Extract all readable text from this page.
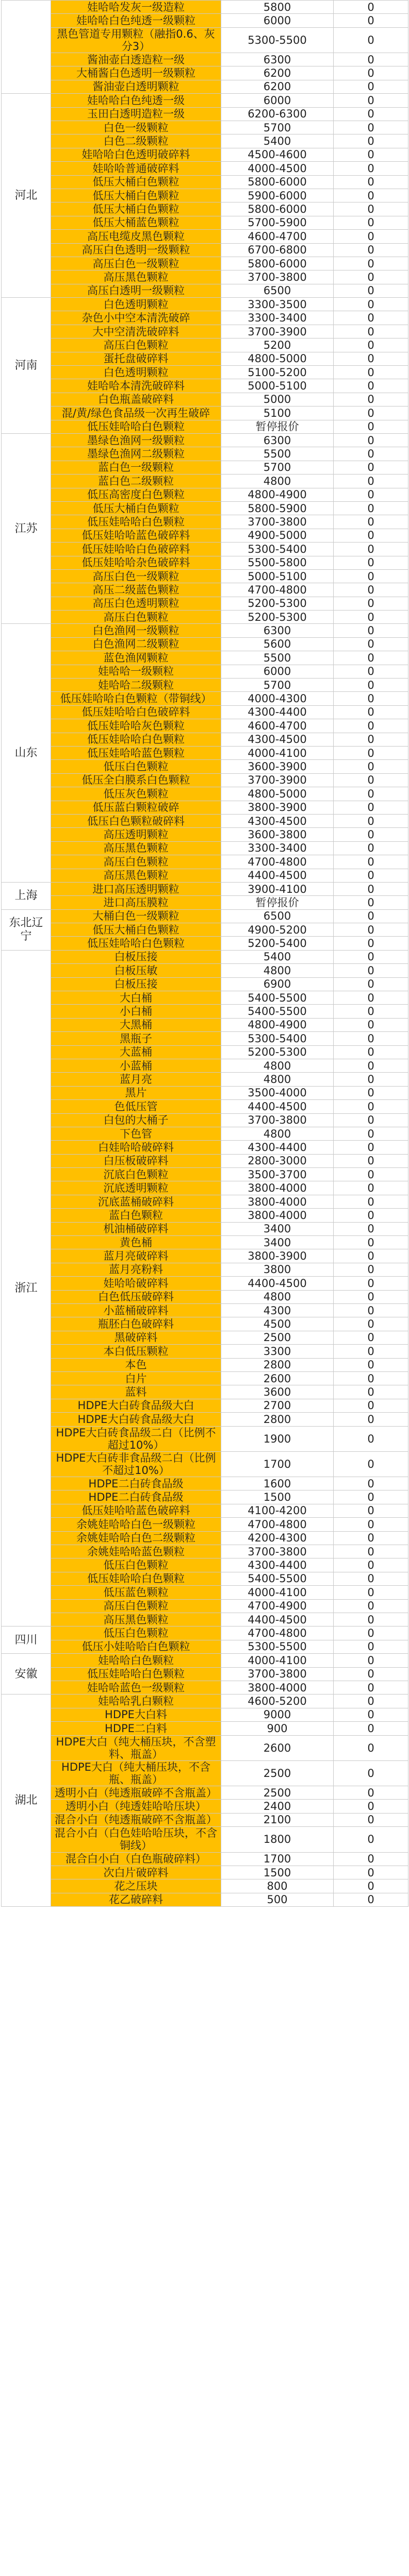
	娃哈哈发灰一级造粒	5800	0
	娃哈哈白色纯透一级颗粒	6000	0
	黑色管道专用颗粒（融指0.6、灰分3）	5300-5500	0
	酱油壶白透造粒一级	6300	0
	大桶酱白色透明一级颗粒	6200	0
	酱油壶白透明颗粒	6200	0
河北	娃哈哈白色纯透一级	6000	0
	玉田白透明造粒一级	6200-6300	0
	白色一级颗粒	5700	0
	白色二级颗粒	5400	0
	娃哈哈白色透明破碎料	4500-4600	0
	娃哈哈普通破碎料	4000-4500	0
	低压大桶白色颗粒	5800-6000	0
	低压大桶白色颗粒	5900-6000	0
	低压大桶白色颗粒	5800-6000	0
	低压大桶蓝色颗粒	5700-5900	0
	高压电缆皮黑色颗粒	4600-4700	0
	高压白色透明一级颗粒	6700-6800	0
	高压白色一级颗粒	5800-6000	0
	高压黑色颗粒	3700-3800	0
	高压白透明一级颗粒	6500	0
河南	白色透明颗粒	3300-3500	0
	杂色小中空本清洗破碎	3300-3400	0
	大中空清洗破碎料	3700-3900	0
	高压白色颗粒	5200	0
	蛋托盘破碎料	4800-5000	0
	白色透明颗粒	5100-5200	0
	娃哈哈本清洗破碎料	5000-5100	0
	白色瓶盖破碎料	5000	0
	混/黄/绿色食品级一次再生破碎	5100	0
	低压娃哈哈白色颗粒	暂停报价	0
江苏	墨绿色渔网一级颗粒	6300	0
	墨绿色渔网二级颗粒	5500	0
	蓝白色一级颗粒	5700	0
	蓝白色二级颗粒	4800	0
	低压高密度白色颗粒	4800-4900	0
	低压大桶白色颗粒	5800-5900	0
	低压娃哈哈白色颗粒	3700-3800	0
	低压娃哈哈蓝色破碎料	4900-5000	0
	低压娃哈哈白色破碎料	5300-5400	0
	低压娃哈哈杂色破碎料	5500-5800	0
	高压白色一级颗粒	5000-5100	0
	高压二级蓝色颗粒	4700-4800	0
	高压白色透明颗粒	5200-5300	0
	高压白色颗粒	5200-5300	0
山东	白色渔网一级颗粒	6300	0
	白色渔网二级颗粒	5600	0
	蓝色渔网颗粒	5500	0
	娃哈哈一级颗粒	6000	0
	娃哈哈二级颗粒	5700	0
	低压娃哈哈白色颗粒（带铜线）	4000-4300	0
	低压娃哈哈白色破碎料	4300-4400	0
	低压娃哈哈灰色颗粒	4600-4700	0
	低压娃哈哈白色颗粒	4300-4500	0
	低压娃哈哈蓝色颗粒	4000-4100	0
	低压白色颗粒	3600-3900	0
	低压全白膜系白色颗粒	3700-3900	0
	低压灰色颗粒	4800-5000	0
	低压蓝白颗粒破碎	3800-3900	0
	低压白色颗粒破碎料	4300-4500	0
	高压透明颗粒	3600-3800	0
	高压黑色颗粒	3300-3400	0
	高压白色颗粒	4700-4800	0
	高压黑色颗粒	4400-4500	0
上海	进口高压透明颗粒	3900-4100	0
	进口高压膜粒	暂停报价	0
东北辽宁	大桶白色一级颗粒	6500	0
	低压大桶白色颗粒	4900-5200	0
	低压娃哈哈白色颗粒	5200-5400	0
浙江	白板压接	5400	0
	白板压敏	4800	0
	白板压接	6900	0
	大白桶	5400-5500	0
	小白桶	5400-5500	0
	大黑桶	4800-4900	0
	黑瓶子	5300-5400	0
	大蓝桶	5200-5300	0
	小蓝桶	4800	0
	蓝月亮	4800	0
	黑片	3500-4000	0
	色低压管	4400-4500	0
	白包的大桶子	3700-3800	0
	下色管	4800	0
	白娃哈哈破碎料	4300-4400	0
	白压板破碎料	2800-3000	0
	沉底白色颗粒	3500-3700	0
	沉底透明颗粒	3800-4000	0
	沉底蓝桶破碎料	3800-4000	0
	蓝白色颗粒	3800-4000	0
	机油桶破碎料	3400	0
	黄色桶	3400	0
	蓝月亮破碎料	3800-3900	0
	蓝月亮粉料	3800	0
	娃哈哈破碎料	4400-4500	0
	白色低压破碎料	4800	0
	小蓝桶破碎料	4300	0
	瓶胚白色破碎料	4500	0
	黑破碎料	2500	0
	本白低压颗粒	3300	0
	本色	2800	0
	白片	2600	0
	蓝料	3600	0
	HDPE大白砖食品级大白	2700	0
	HDPE大白砖食品级大白	2800	0
	HDPE大白砖食品级二白（比例不超过10%）	1900	0
	HDPE大白砖非食品级二白（比例不超过10%）	1700	0
	HDPE二白砖食品级	1600	0
	HDPE二白砖食品级	1500	0
	低压娃哈哈蓝色破碎料	4100-4200	0
	余姚娃哈哈白色一级颗粒	4700-4800	0
	余姚娃哈哈白色二级颗粒	4200-4300	0
	余姚娃哈哈蓝色颗粒	3700-3800	0
	低压白色颗粒	4300-4400	0
	低压娃哈哈白色颗粒	5400-5500	0
	低压蓝色颗粒	4000-4100	0
	高压白色颗粒	4700-4900	0
	高压黑色颗粒	4400-4500	0
四川	低压白色颗粒	4700-4800	0
	低压小娃哈哈白色颗粒	5300-5500	0
安徽	娃哈哈白色颗粒	4000-4100	0
	低压娃哈哈白色颗粒	3700-3800	0
	娃哈哈蓝色一级颗粒	3800-4000	0
湖北	娃哈哈乳白颗粒	4600-5200	0
	HDPE大白料	9000	0
	HDPE二白料	900	0
	HDPE大白（纯大桶压块，不含塑料、瓶盖）	2600	0
	HDPE大白（纯大桶压块，不含瓶、瓶盖）	2500	0
	透明小白（纯透瓶破碎不含瓶盖）	2500	0
	透明小白（纯透娃哈哈压块）	2400	0
	混合小白（纯透瓶破碎不含瓶盖）	2100	0
	混合小白（白色娃哈哈压块，不含铜线）	1800	0
	混合白小白（白色瓶破碎料）	1700	0
	次白片破碎料	1500	0
	花之压块	800	0
	花乙破碎料	500	0
